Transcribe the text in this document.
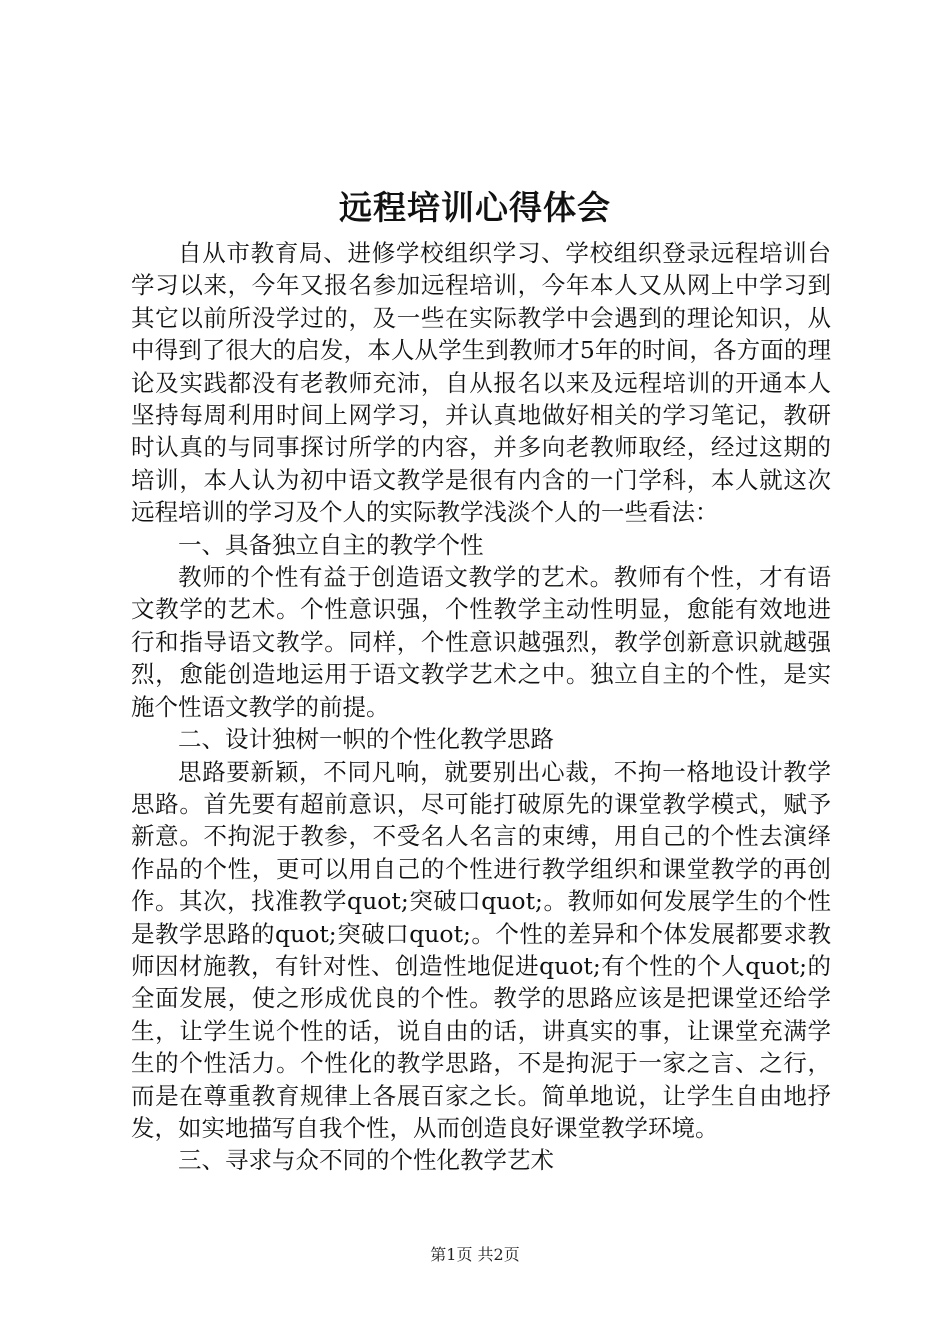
远程培训心得体会

自从市教育局、进修学校组织学习、学校组织登录远程培训台学习以来，今年又报名参加远程培训，今年本人又从网上中学习到其它以前所没学过的，及一些在实际教学中会遇到的理论知识，从中得到了很大的启发，本人从学生到教师才5年的时间，各方面的理论及实践都没有老教师充沛，自从报名以来及远程培训的开通本人坚持每周利用时间上网学习，并认真地做好相关的学习笔记，教研时认真的与同事探讨所学的内容，并多向老教师取经，经过这期的培训，本人认为初中语文教学是很有内含的一门学科，本人就这次远程培训的学习及个人的实际教学浅淡个人的一些看法：

一、具备独立自主的教学个性

教师的个性有益于创造语文教学的艺术。教师有个性，才有语文教学的艺术。个性意识强，个性教学主动性明显，愈能有效地进行和指导语文教学。同样，个性意识越强烈，教学创新意识就越强烈，愈能创造地运用于语文教学艺术之中。独立自主的个性，是实施个性语文教学的前提。

二、设计独树一帜的个性化教学思路

思路要新颖，不同凡响，就要别出心裁，不拘一格地设计教学思路。首先要有超前意识，尽可能打破原先的课堂教学模式，赋予新意。不拘泥于教参，不受名人名言的束缚，用自己的个性去演绎作品的个性，更可以用自己的个性进行教学组织和课堂教学的再创作。其次，找准教学quot;突破口quot;。教师如何发展学生的个性是教学思路的quot;突破口quot;。个性的差异和个体发展都要求教师因材施教，有针对性、创造性地促进quot;有个性的个人quot;的全面发展，使之形成优良的个性。教学的思路应该是把课堂还给学生，让学生说个性的话，说自由的话，讲真实的事，让课堂充满学生的个性活力。个性化的教学思路，不是拘泥于一家之言、之行，而是在尊重教育规律上各展百家之长。简单地说，让学生自由地抒发，如实地描写自我个性，从而创造良好课堂教学环境。

三、寻求与众不同的个性化教学艺术

第1页 共2页
